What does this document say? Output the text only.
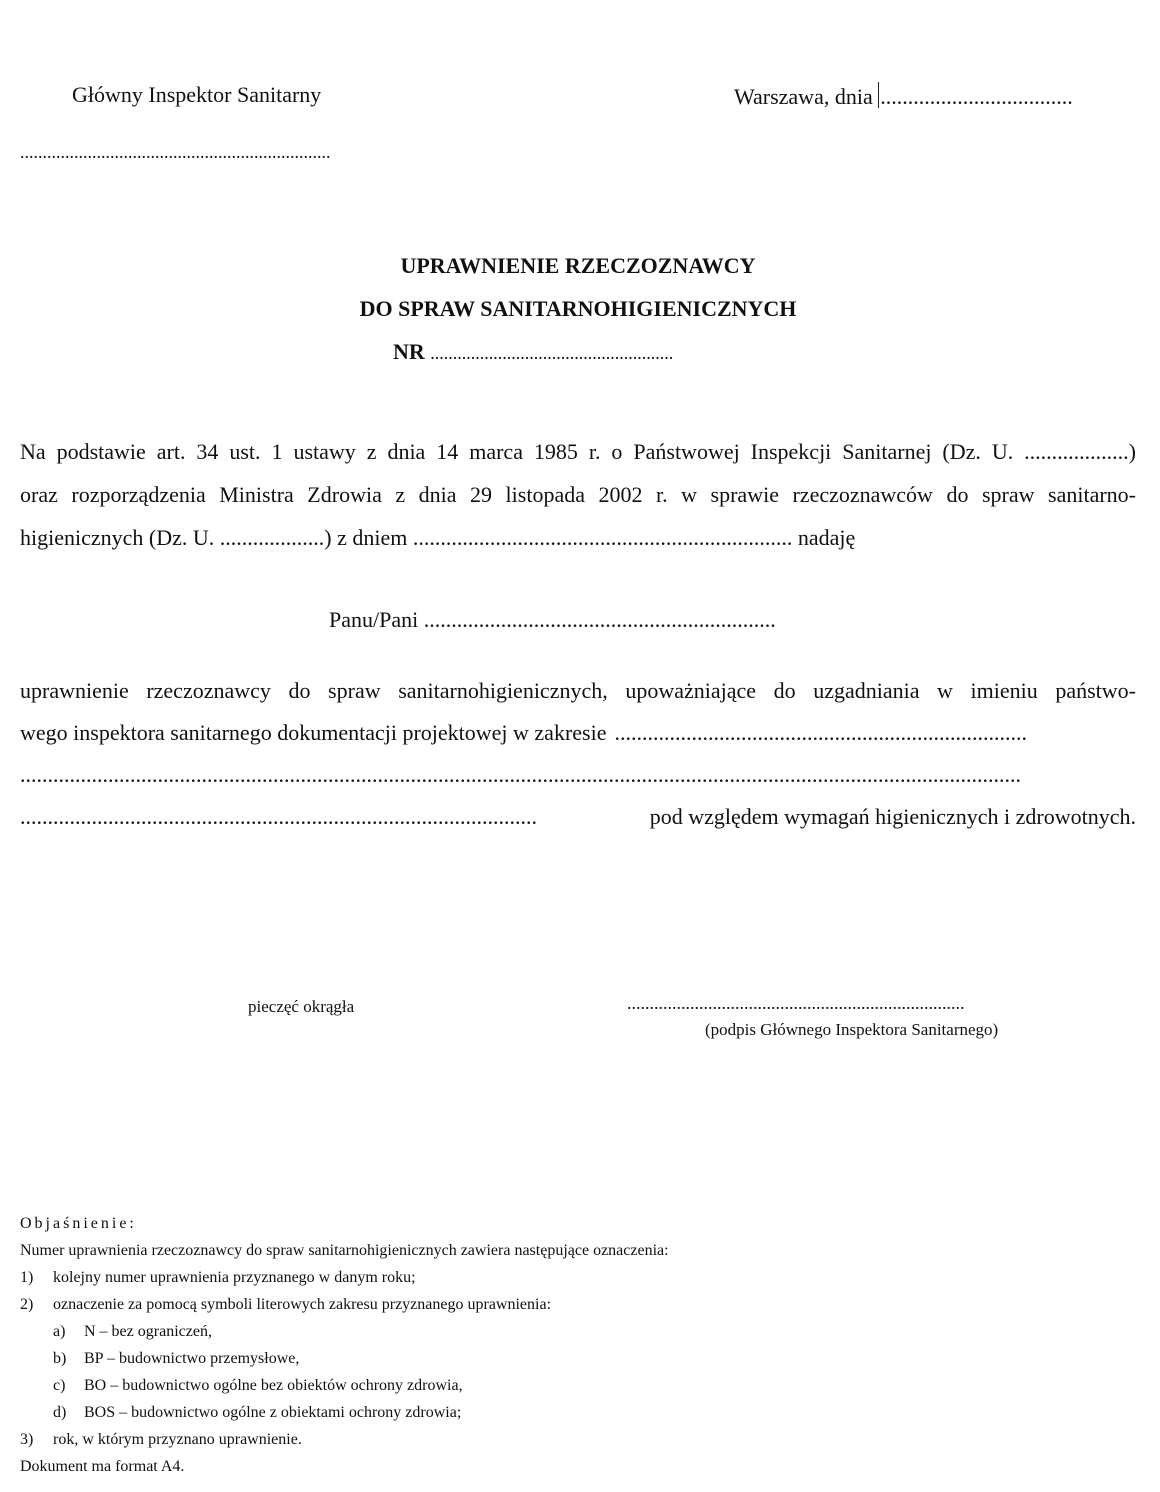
Główny Inspektor Sanitarny	Warszawa, dnia ...................................
.....................................................................
UPRAWNIENIE RZECZOZNAWCY
DO SPRAW SANITARNOHIGIENICZNYCH
NR ......................................................
Na podstawie art. 34 ust. 1 ustawy z dnia 14 marca 1985 r. o Państwowej Inspekcji Sanitarnej (Dz. U. ...................)
oraz rozporządzenia Ministra Zdrowia z dnia 29 listopada 2002 r. w sprawie rzeczoznawców do spraw sanitarno-
higienicznych (Dz. U. ...................) z dniem ..................................................................... nadaję
Panu/Pani ................................................................
uprawnienie rzeczoznawcy do spraw sanitarnohigienicznych, upoważniające do uzgadniania w imieniu państwo-
wego inspektora sanitarnego dokumentacji projektowej w zakresie ...........................................................................
......................................................................................................................................................................................
..............................................................................................	pod względem wymagań higienicznych i zdrowotnych.
pieczęć okrągła	...........................................................................
(podpis Głównego Inspektora Sanitarnego)
Objaśnienie:
Numer uprawnienia rzeczoznawcy do spraw sanitarnohigienicznych zawiera następujące oznaczenia:
1) kolejny numer uprawnienia przyznanego w danym roku;
2) oznaczenie za pomocą symboli literowych zakresu przyznanego uprawnienia:
a) N – bez ograniczeń,
b) BP – budownictwo przemysłowe,
c) BO – budownictwo ogólne bez obiektów ochrony zdrowia,
d) BOS – budownictwo ogólne z obiektami ochrony zdrowia;
3) rok, w którym przyznano uprawnienie.
Dokument ma format A4.
